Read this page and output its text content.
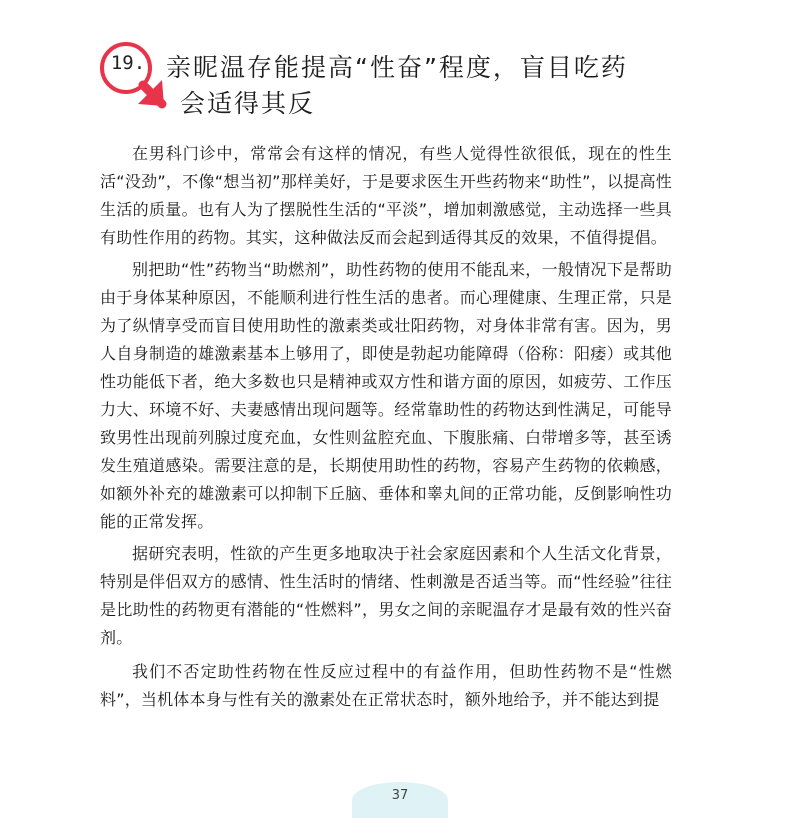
19. 亲昵温存能提高“性奋”程度，盲目吃药
会适得其反

在男科门诊中，常常会有这样的情况，有些人觉得性欲很低，现在的性生活“没劲”，不像“想当初”那样美好，于是要求医生开些药物来“助性”，以提高性生活的质量。也有人为了摆脱性生活的“平淡”，增加刺激感觉，主动选择一些具有助性作用的药物。其实，这种做法反而会起到适得其反的效果，不值得提倡。

别把助“性”药物当“助燃剂”，助性药物的使用不能乱来，一般情况下是帮助由于身体某种原因，不能顺利进行性生活的患者。而心理健康、生理正常，只是为了纵情享受而盲目使用助性的激素类或壮阳药物，对身体非常有害。因为，男人自身制造的雄激素基本上够用了，即使是勃起功能障碍（俗称：阳痿）或其他性功能低下者，绝大多数也只是精神或双方性和谐方面的原因，如疲劳、工作压力大、环境不好、夫妻感情出现问题等。经常靠助性的药物达到性满足，可能导致男性出现前列腺过度充血，女性则盆腔充血、下腹胀痛、白带增多等，甚至诱发生殖道感染。需要注意的是，长期使用助性的药物，容易产生药物的依赖感，如额外补充的雄激素可以抑制下丘脑、垂体和睾丸间的正常功能，反倒影响性功能的正常发挥。

据研究表明，性欲的产生更多地取决于社会家庭因素和个人生活文化背景，特别是伴侣双方的感情、性生活时的情绪、性刺激是否适当等。而“性经验”往往是比助性的药物更有潜能的“性燃料”，男女之间的亲昵温存才是最有效的性兴奋剂。

我们不否定助性药物在性反应过程中的有益作用，但助性药物不是“性燃料”，当机体本身与性有关的激素处在正常状态时，额外地给予，并不能达到提

37
